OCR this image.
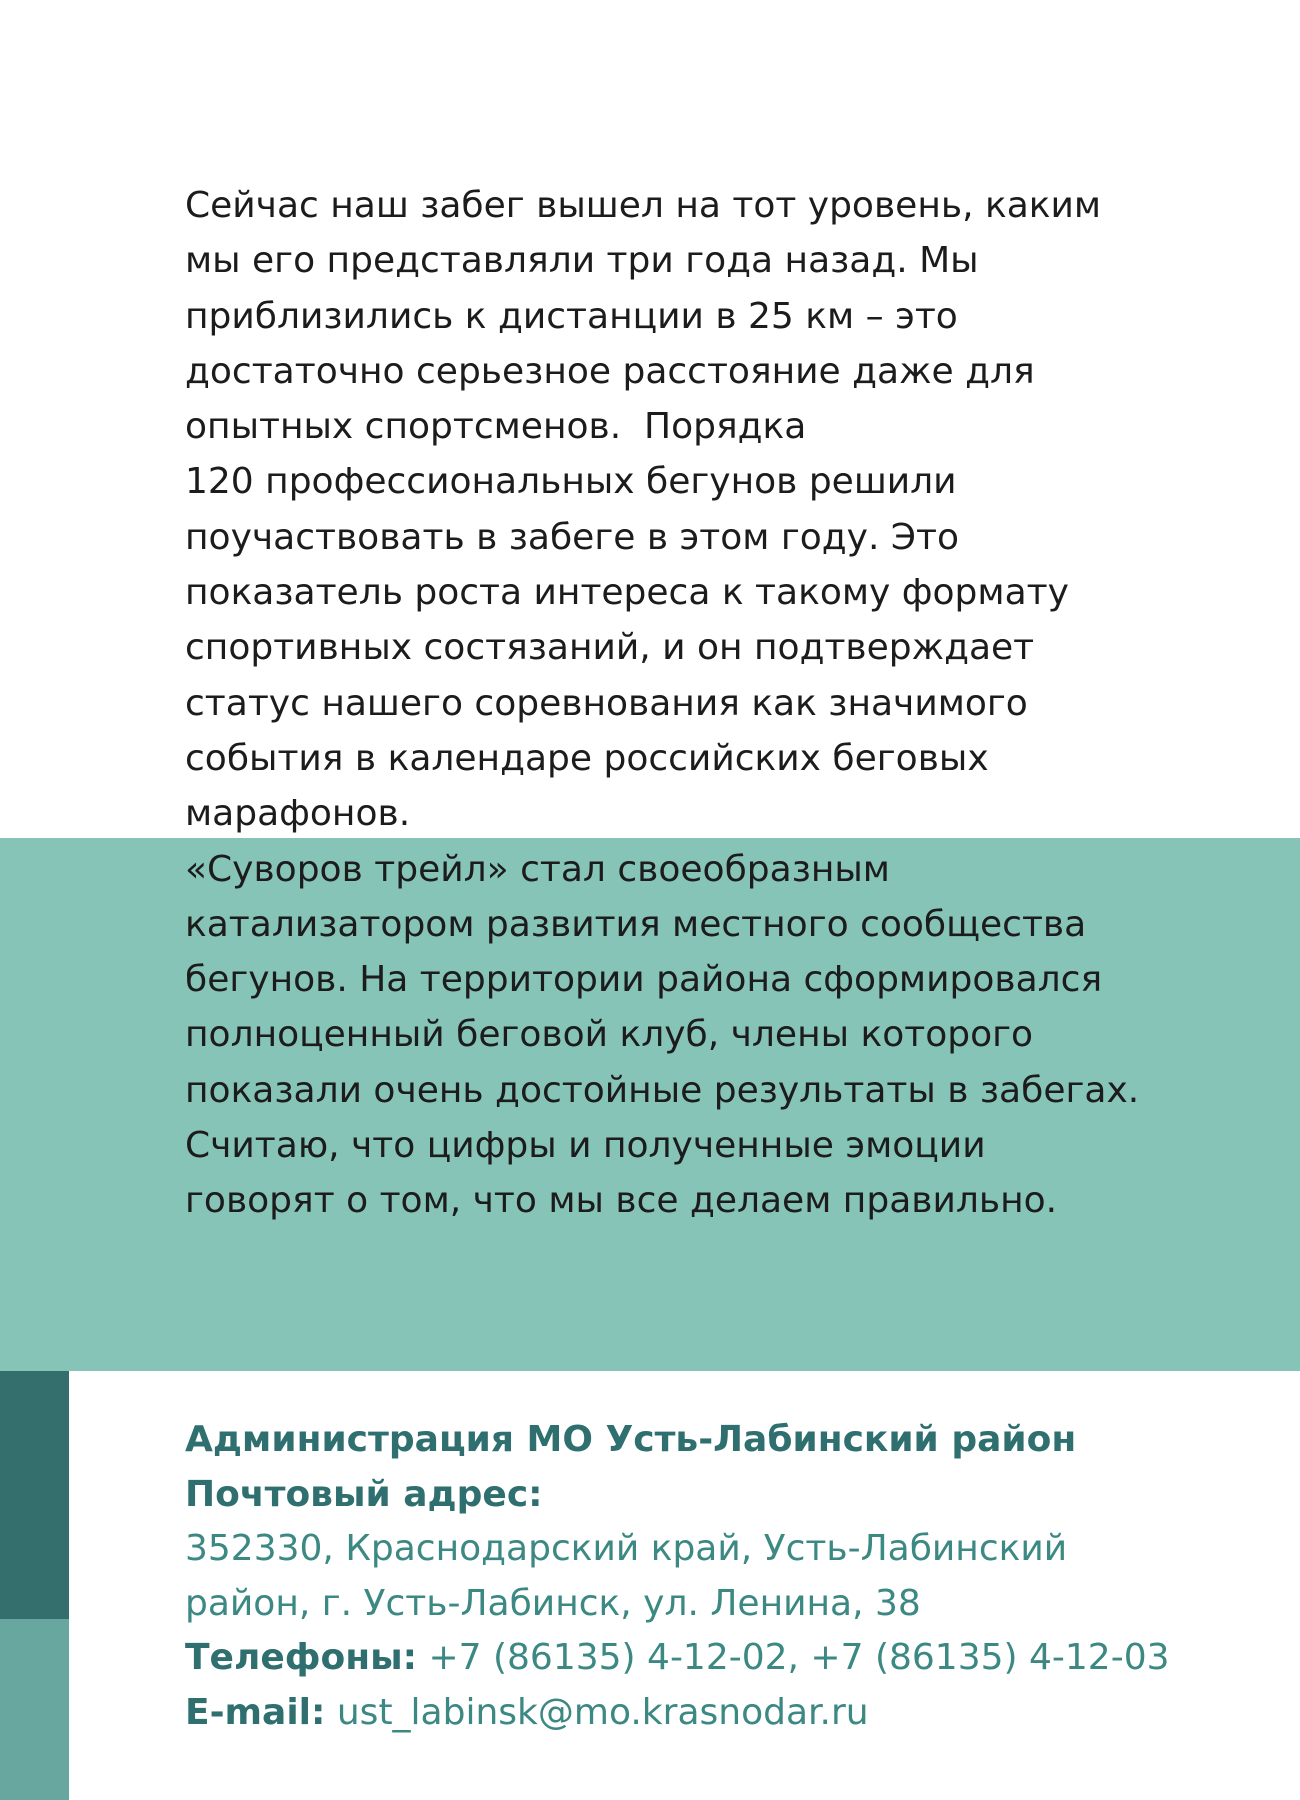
Сейчас наш забег вышел на тот уровень, каким
мы его представляли три года назад. Мы
приблизились к дистанции в 25 км – это
достаточно серьезное расстояние даже для
опытных спортсменов.  Порядка
120 профессиональных бегунов решили
поучаствовать в забеге в этом году. Это
показатель роста интереса к такому формату
спортивных состязаний, и он подтверждает
статус нашего соревнования как значимого
события в календаре российских беговых
марафонов.
«Суворов трейл» стал своеобразным
катализатором развития местного сообщества
бегунов. На территории района сформировался
полноценный беговой клуб, члены которого
показали очень достойные результаты в забегах.
Считаю, что цифры и полученные эмоции
говорят о том, что мы все делаем правильно.
Администрация МО Усть-Лабинский район
Почтовый адрес:
352330, Краснодарский край, Усть-Лабинский
район, г. Усть-Лабинск, ул. Ленина, 38
Телефоны: +7 (86135) 4-12-02, +7 (86135) 4-12-03
E-mail: ust_labinsk@mo.krasnodar.ru
